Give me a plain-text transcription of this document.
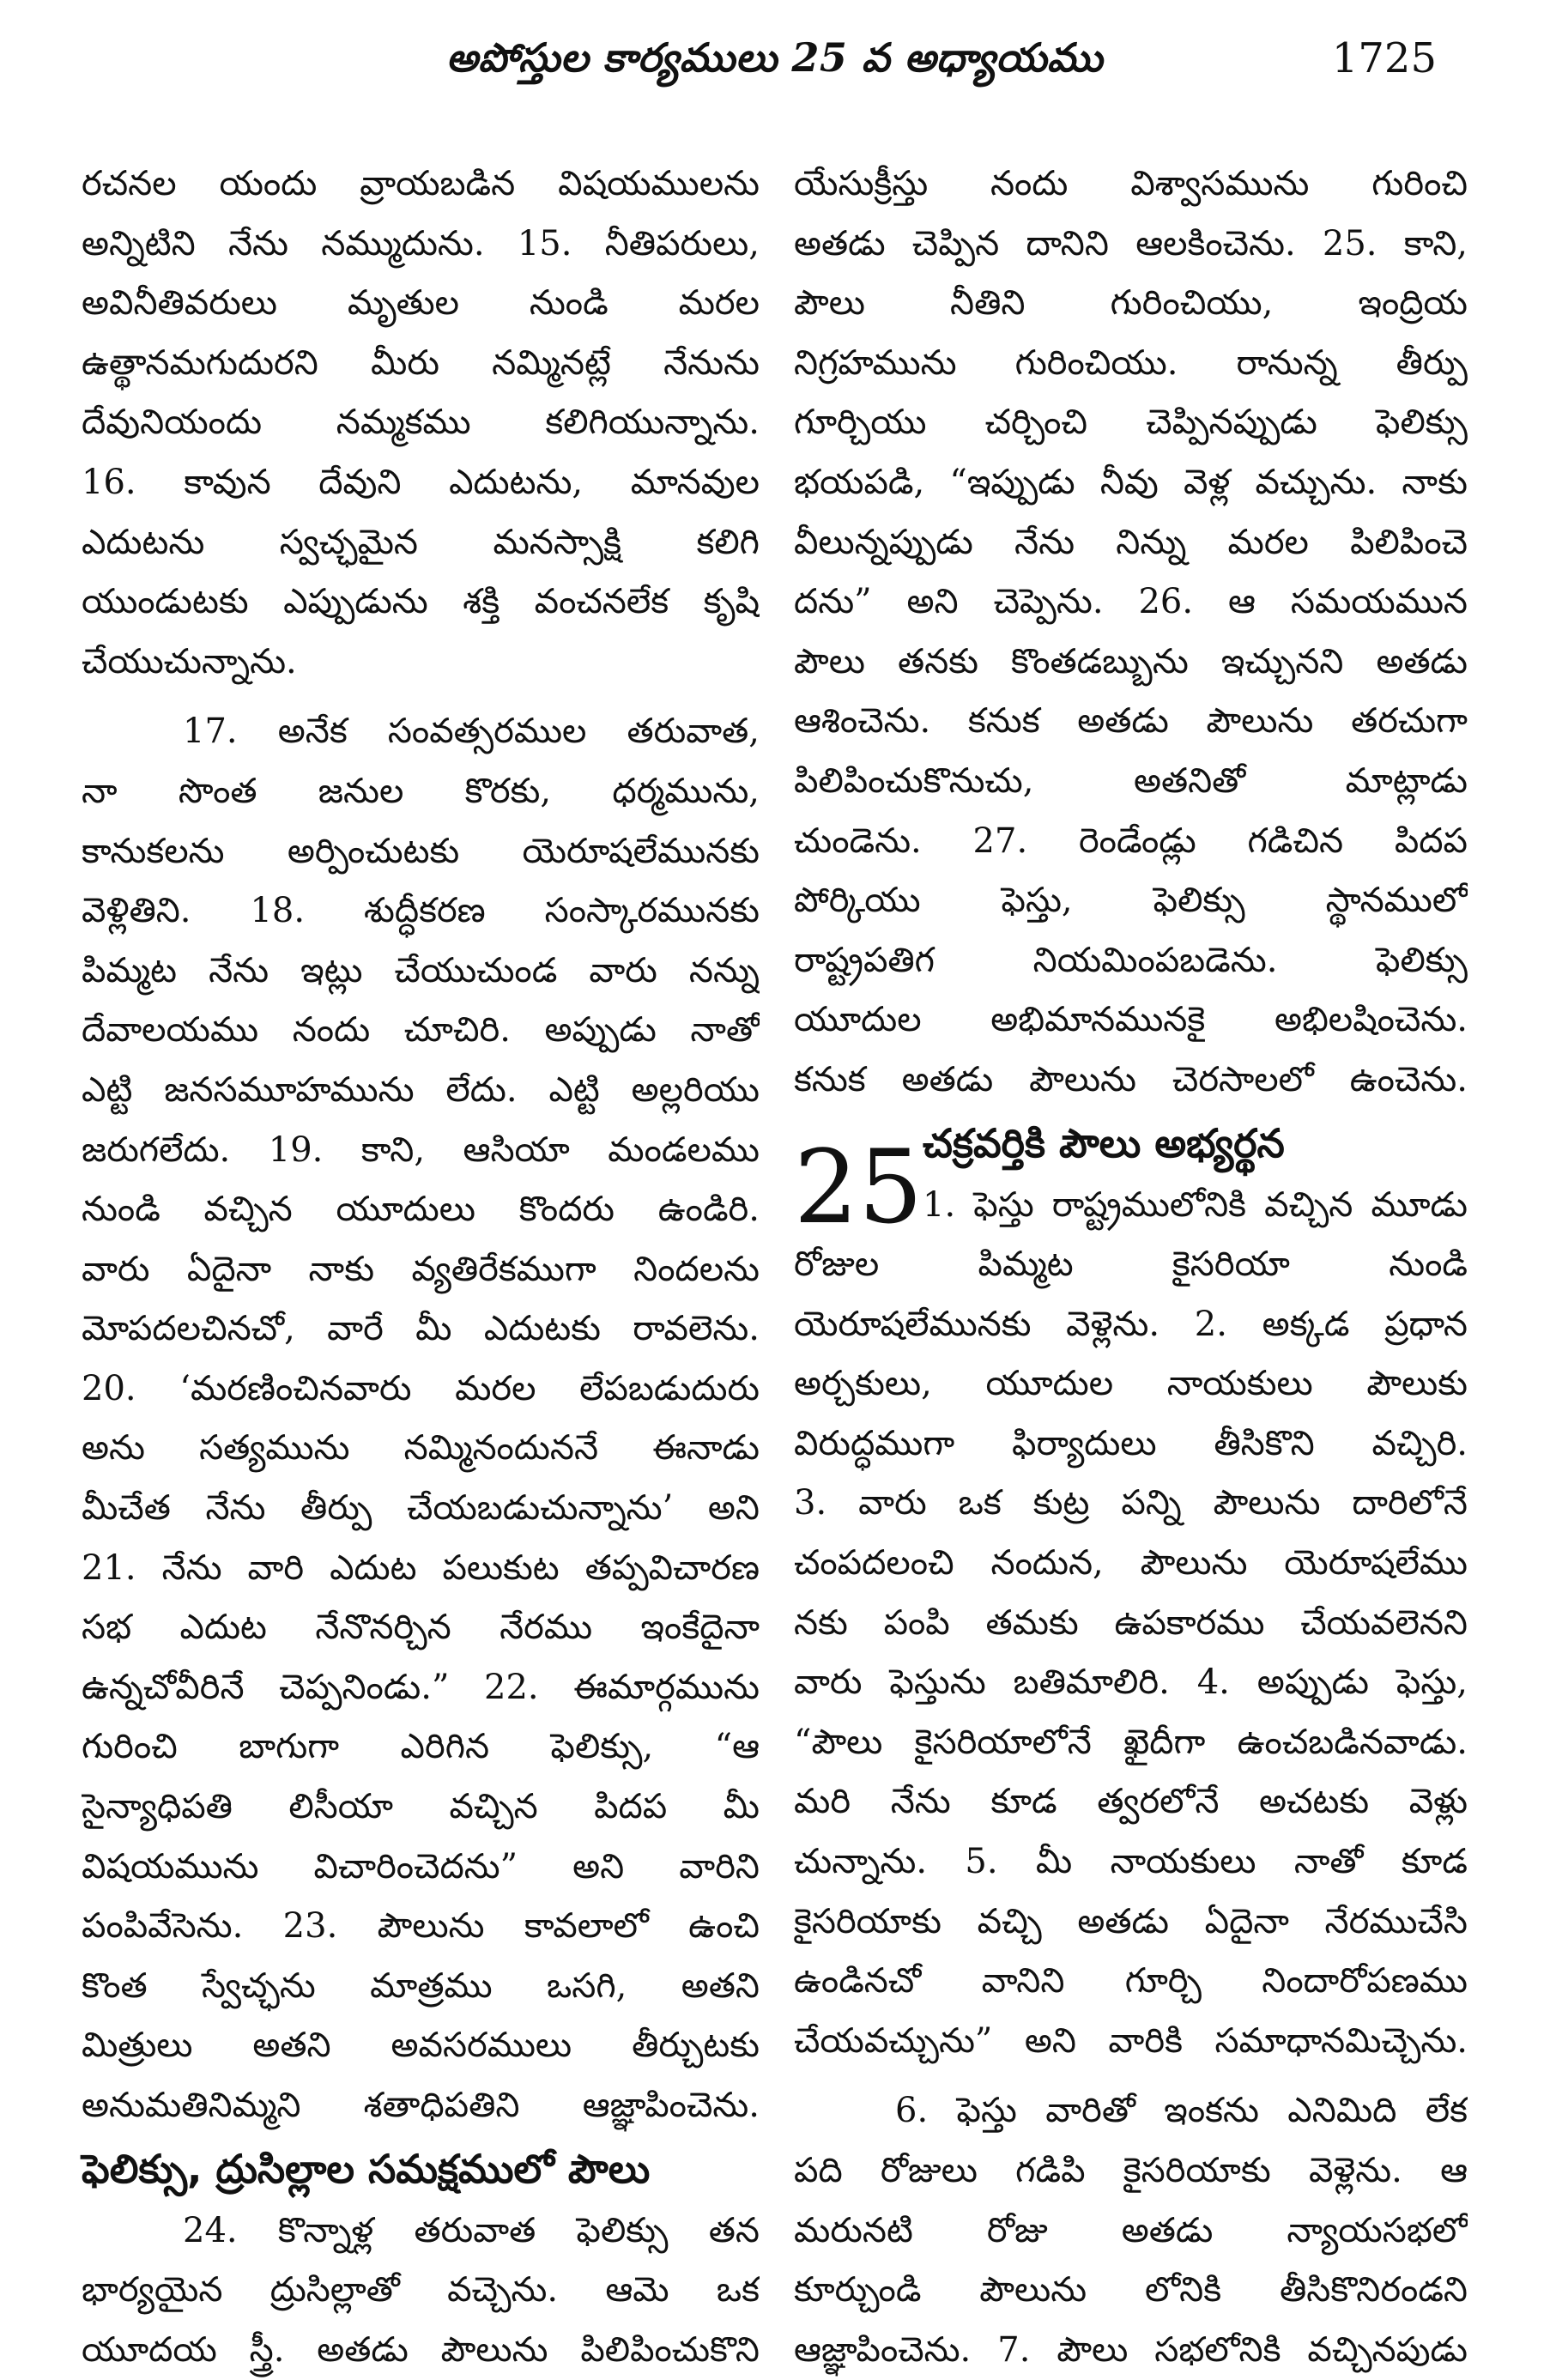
అపోస్తుల కార్యములు 25 వ అధ్యాయము	1725
రచనల యందు వ్రాయబడిన విషయములను
అన్నిటిని నేను నమ్ముదును. 15. నీతిపరులు,
అవినీతివరులు మృతుల నుండి మరల
ఉత్థానమగుదురని మీరు నమ్మినట్లే నేనును
దేవునియందు నమ్మకము కలిగియున్నాను.
16. కావున దేవుని ఎదుటను, మానవుల
ఎదుటను స్వచ్ఛమైన మనస్సాక్షి కలిగి
యుండుటకు ఎప్పుడును శక్తి వంచనలేక కృషి
చేయుచున్నాను.
17. అనేక సంవత్సరముల తరువాత,
నా సొంత జనుల కొరకు, ధర్మమును,
కానుకలను అర్పించుటకు యెరూషలేమునకు
వెళ్లితిని. 18. శుద్ధీకరణ సంస్కారమునకు
పిమ్మట నేను ఇట్లు చేయుచుండ వారు నన్ను
దేవాలయము నందు చూచిరి. అప్పుడు నాతో
ఎట్టి జనసమూహమును లేదు. ఎట్టి అల్లరియు
జరుగలేదు. 19. కాని, ఆసియా మండలము
నుండి వచ్చిన యూదులు కొందరు ఉండిరి.
వారు ఏదైనా నాకు వ్యతిరేకముగా నిందలను
మోపదలచినచో, వారే మీ ఎదుటకు రావలెను.
20. ‘మరణించినవారు మరల లేపబడుదురు
అను సత్యమును నమ్మినందుననే ఈనాడు
మీచేత నేను తీర్పు చేయబడుచున్నాను’ అని
21. నేను వారి ఎదుట పలుకుట తప్పవిచారణ
సభ ఎదుట నేనొనర్చిన నేరము ఇంకేదైనా
ఉన్నచోవీరినే చెప్పనిండు.” 22. ఈమార్గమును
గురించి బాగుగా ఎరిగిన ఫెలిక్సు, “ఆ
సైన్యాధిపతి లిసీయా వచ్చిన పిదప మీ
విషయమును విచారించెదను” అని వారిని
పంపివేసెను. 23. పౌలును కావలాలో ఉంచి
కొంత స్వేచ్ఛను మాత్రము ఒసగి, అతని
మిత్రులు అతని అవసరములు తీర్చుటకు
అనుమతినిమ్మని శతాధిపతిని ఆజ్ఞాపించెను.
ఫెలిక్సు, ద్రుసిల్లాల సమక్షములో పౌలు
24. కొన్నాళ్ల తరువాత ఫెలిక్సు తన
భార్యయైన ద్రుసిల్లాతో వచ్చెను. ఆమె ఒక
యూదయ స్త్రీ. అతడు పౌలును పిలిపించుకొని
యేసుక్రీస్తు నందు విశ్వాసమును గురించి
అతడు చెప్పిన దానిని ఆలకించెను. 25. కాని,
పౌలు నీతిని గురించియు, ఇంద్రియ
నిగ్రహమును గురించియు. రానున్న తీర్పు
గూర్చియు చర్చించి చెప్పినప్పుడు ఫెలిక్సు
భయపడి, “ఇప్పుడు నీవు వెళ్ల వచ్చును. నాకు
వీలున్నప్పుడు నేను నిన్ను మరల పిలిపించె
దను” అని చెప్పెను. 26. ఆ సమయమున
పౌలు తనకు కొంతడబ్బును ఇచ్చునని అతడు
ఆశించెను. కనుక అతడు పౌలును తరచుగా
పిలిపించుకొనుచు, అతనితో మాట్లాడు
చుండెను. 27. రెండేండ్లు గడిచిన పిదప
పోర్కియు ఫెస్తు, ఫెలిక్సు స్థానములో
రాష్ట్రపతిగ నియమింపబడెను. ఫెలిక్సు
యూదుల అభిమానమునకై అభిలషించెను.
కనుక అతడు పౌలును చెరసాలలో ఉంచెను.
25 చక్రవర్తికి పౌలు అభ్యర్థన
1. ఫెస్తు రాష్ట్రములోనికి వచ్చిన మూడు
రోజుల పిమ్మట కైసరియా నుండి
యెరూషలేమునకు వెళ్లెను. 2. అక్కడ ప్రధాన
అర్చకులు, యూదుల నాయకులు పౌలుకు
విరుద్ధముగా ఫిర్యాదులు తీసికొని వచ్చిరి.
3. వారు ఒక కుట్ర పన్ని పౌలును దారిలోనే
చంపదలంచి నందున, పౌలును యెరూషలేము
నకు పంపి తమకు ఉపకారము చేయవలెనని
వారు ఫెస్తును బతిమాలిరి. 4. అప్పుడు ఫెస్తు,
“పౌలు కైసరియాలోనే ఖైదీగా ఉంచబడినవాడు.
మరి నేను కూడ త్వరలోనే అచటకు వెళ్లు
చున్నాను. 5. మీ నాయకులు నాతో కూడ
కైసరియాకు వచ్చి అతడు ఏదైనా నేరముచేసి
ఉండినచో వానిని గూర్చి నిందారోపణము
చేయవచ్చును” అని వారికి సమాధానమిచ్చెను.
6. ఫెస్తు వారితో ఇంకను ఎనిమిది లేక
పది రోజులు గడిపి కైసరియాకు వెళ్లెను. ఆ
మరునటి రోజు అతడు న్యాయసభలో
కూర్చుండి పౌలును లోనికి తీసికొనిరండని
ఆజ్ఞాపించెను. 7. పౌలు సభలోనికి వచ్చినపుడు
